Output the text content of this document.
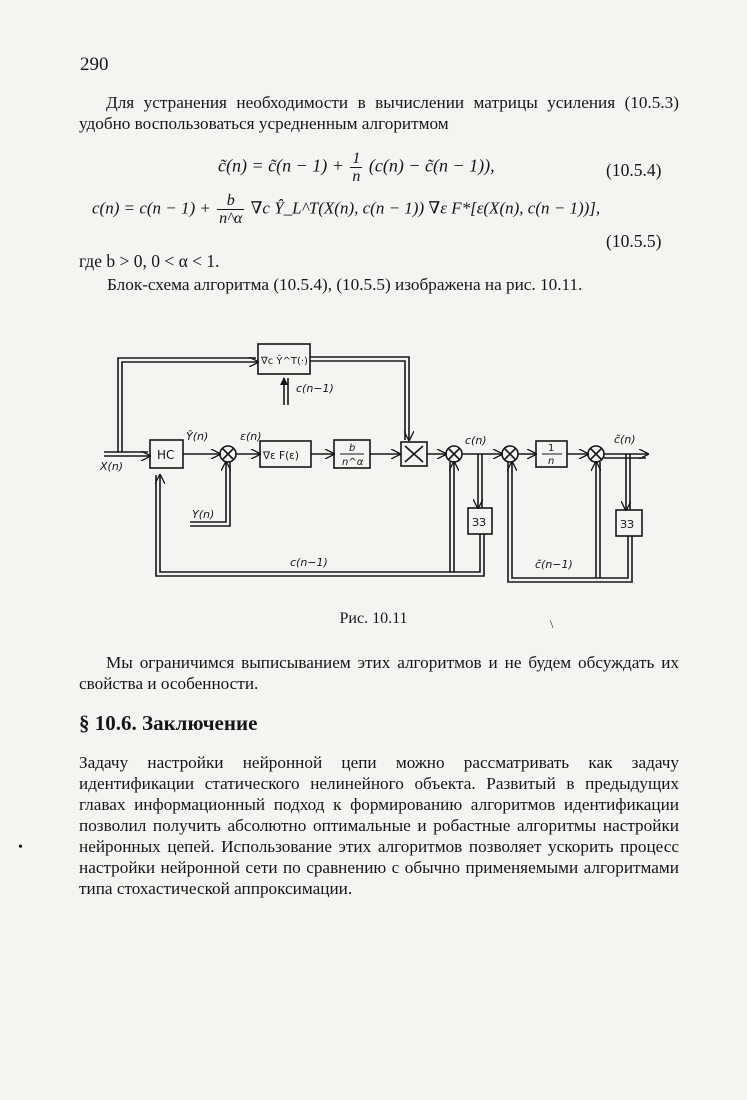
290
Для устранения необходимости в вычислении матрицы усиления (10.5.3) удобно воспользоваться усредненным алгоритмом
c̃(n) = c̃(n − $1) + \frac{1}{n} (c(n)$ − c̃(n − 1)),	(10.5.4)
$c(n) = c(n - 1) + \frac{b}{n\^{}\alpha} \nabla c$ Ŷ_L^T(X(n), c(n − 1)) ∇ε F*[ε(X(n), c(n − 1))],
(10.5.5)
где b > 0, 0 < α < 1.
Блок-схема алгоритма (10.5.4), (10.5.5) изображена на рис. 10.11.
X(n)
НС
Ŷ(n)	ε(n)
∇ε F(ε)
b
n^α
∇c Ŷ^T(·)
c(n−1)
Y(n)
c(n)
1
n
c̃(n)
ЗЗ	ЗЗ
c(n−1)	c̃(n−1)
Рис. 10.11	\
Мы ограничимся выписыванием этих алгоритмов и не будем обсуждать их свойства и особенности.
§ 10.6. Заключение
Задачу настройки нейронной цепи можно рассматривать как задачу идентификации статического нелинейного объекта. Развитый в предыдущих главах информационный подход к формированию алгоритмов идентификации позволил получить абсолютно оптимальные и робастные алгоритмы настройки нейронных цепей. Использование этих алгоритмов позволяет ускорить процесс настройки нейронной сети по сравнению с обычно применяемыми алгоритмами типа стохастической аппроксимации.
•
